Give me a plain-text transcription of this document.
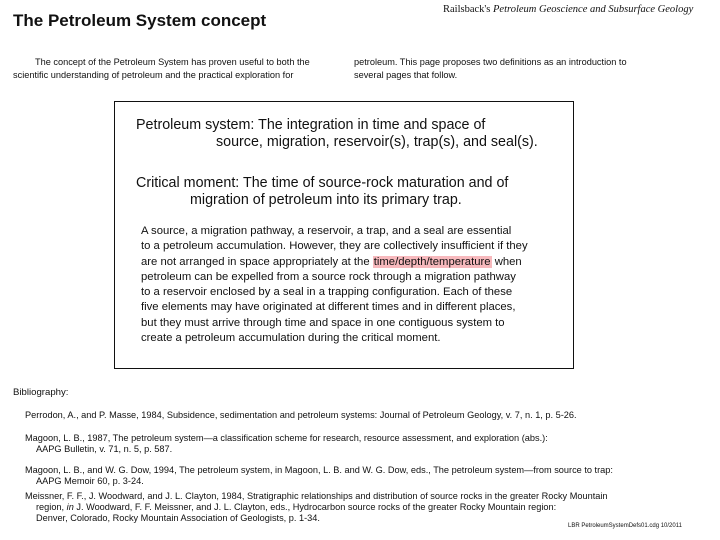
The Petroleum System concept
Railsback's Petroleum Geoscience and Subsurface Geology
The concept of the Petroleum System has proven useful to both the
scientific understanding of petroleum and the practical exploration for
petroleum. This page proposes two definitions as an introduction to
several pages that follow.
Petroleum system: The integration in time and space of
source, migration, reservoir(s), trap(s), and seal(s).
Critical moment: The time of source-rock maturation and of
migration of petroleum into its primary trap.
A source, a migration pathway, a reservoir, a trap, and a seal are essential
to a petroleum accumulation. However, they are collectively insufficient if they
are not arranged in space appropriately at the time/depth/temperature when
petroleum can be expelled from a source rock through a migration pathway
to a reservoir enclosed by a seal in a trapping configuration. Each of these
five elements may have originated at different times and in different places,
but they must arrive through time and space in one contiguous system to
create a petroleum accumulation during the critical moment.
Bibliography:
Perrodon, A., and P. Masse, 1984, Subsidence, sedimentation and petroleum systems: Journal of Petroleum Geology, v. 7, n. 1, p. 5-26.
Magoon, L. B., 1987, The petroleum system—a classification scheme for research, resource assessment, and exploration (abs.):
AAPG Bulletin, v. 71, n. 5, p. 587.
Magoon, L. B., and W. G. Dow, 1994, The petroleum system, in Magoon, L. B. and W. G. Dow, eds., The petroleum system—from source to trap:
AAPG Memoir 60, p. 3-24.
Meissner, F. F., J. Woodward, and J. L. Clayton, 1984, Stratigraphic relationships and distribution of source rocks in the greater Rocky Mountain
region, in J. Woodward, F. F. Meissner, and J. L. Clayton, eds., Hydrocarbon source rocks of the greater Rocky Mountain region:
Denver, Colorado, Rocky Mountain Association of Geologists, p. 1-34.
LBR PetroleumSystemDefs01.cdg 10/2011
